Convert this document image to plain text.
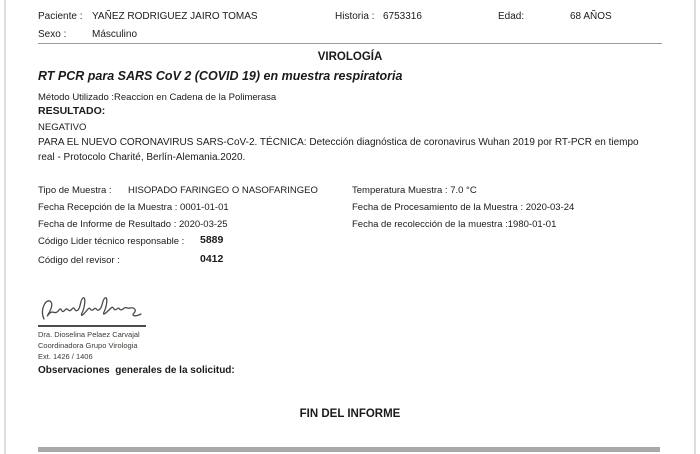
Paciente : YAÑEZ RODRIGUEZ JAIRO TOMAS	Historia : 6753316	Edad:	68 AÑOS
Sexo :	Másculino
VIROLOGÍA
RT PCR para SARS CoV 2 (COVID 19) en muestra respiratoria
Método Utilizado :Reaccion en Cadena de la Polimerasa
RESULTADO:
NEGATIVO
PARA EL NUEVO CORONAVIRUS SARS-CoV-2. TÉCNICA: Detección diagnóstica de coronavirus Wuhan 2019 por RT-PCR en tiempo real - Protocolo Charité, Berlín-Alemania.2020.
Tipo de Muestra : HISOPADO FARINGEO O NASOFARINGEO	Temperatura Muestra : 7.0 °C
Fecha Recepción de la Muestra : 0001-01-01	Fecha de Procesamiento de la Muestra : 2020-03-24
Fecha de Informe de Resultado : 2020-03-25	Fecha de recolección de la muestra :1980-01-01
Código Lider técnico responsable : 5889
Código del revisor :	0412
Dra. Dioselina Pelaez Carvajal
Coordinadora Grupo Virologia
Ext. 1426 / 1406
Observaciones  generales de la solicitud:
FIN DEL INFORME
